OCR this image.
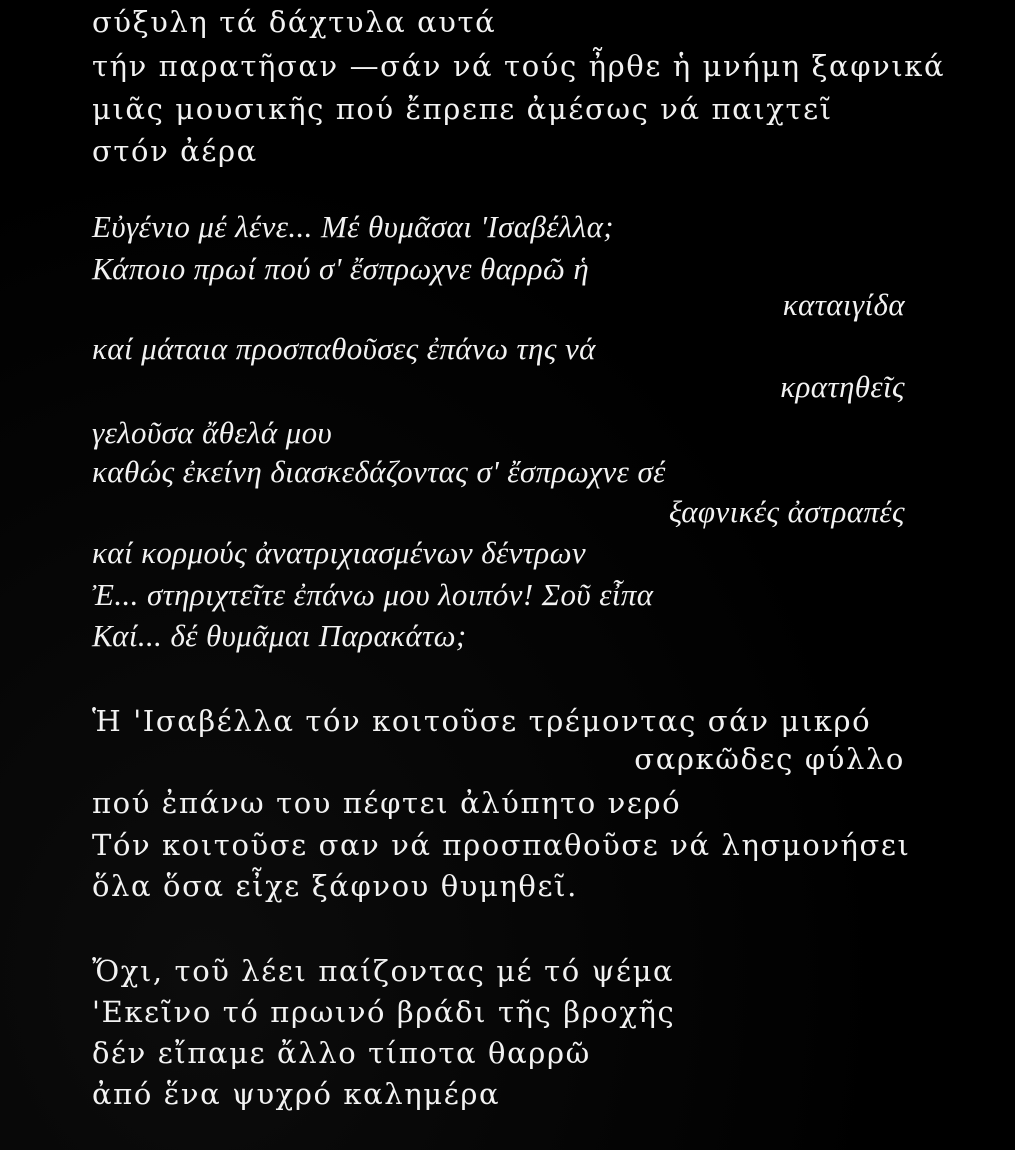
σύξυλη τά δάχτυλα αυτά
τήν παρατῆσαν —σάν νά τούς ἦρθε ἡ μνήμη ξαφνικά
μιᾶς μουσικῆς πού ἔπρεπε ἀμέσως νά παιχτεῖ
στόν ἀέρα
Εὐγένιο μέ λένε... Μέ θυμᾶσαι 'Ισαβέλλα;
Κάποιο πρωί πού σ' ἔσπρωχνε θαρρῶ ἡ
καταιγίδα
καί μάταια προσπαθοῦσες ἐπάνω της νά
κρατηθεῖς
γελοῦσα ἄθελά μου
καθώς ἐκείνη διασκεδάζοντας σ' ἔσπρωχνε σέ
ξαφνικές ἀστραπές
καί κορμούς ἀνατριχιασμένων δέντρων
Ἐ... στηριχτεῖτε ἐπάνω μου λοιπόν! Σοῦ εἶπα
Καί... δέ θυμᾶμαι Παρακάτω;
Ἡ 'Ισαβέλλα τόν κοιτοῦσε τρέμοντας σάν μικρό
σαρκῶδες φύλλο
πού ἐπάνω του πέφτει ἀλύπητο νερό
Τόν κοιτοῦσε σαν νά προσπαθοῦσε νά λησμονήσει
ὅλα ὅσα εἶχε ξάφνου θυμηθεῖ.
Ὄχι, τοῦ λέει παίζοντας μέ τό ψέμα
'Εκεῖνο τό πρωινό βράδι τῆς βροχῆς
δέν εἴπαμε ἄλλο τίποτα θαρρῶ
ἀπό ἕνα ψυχρό καλημέρα
